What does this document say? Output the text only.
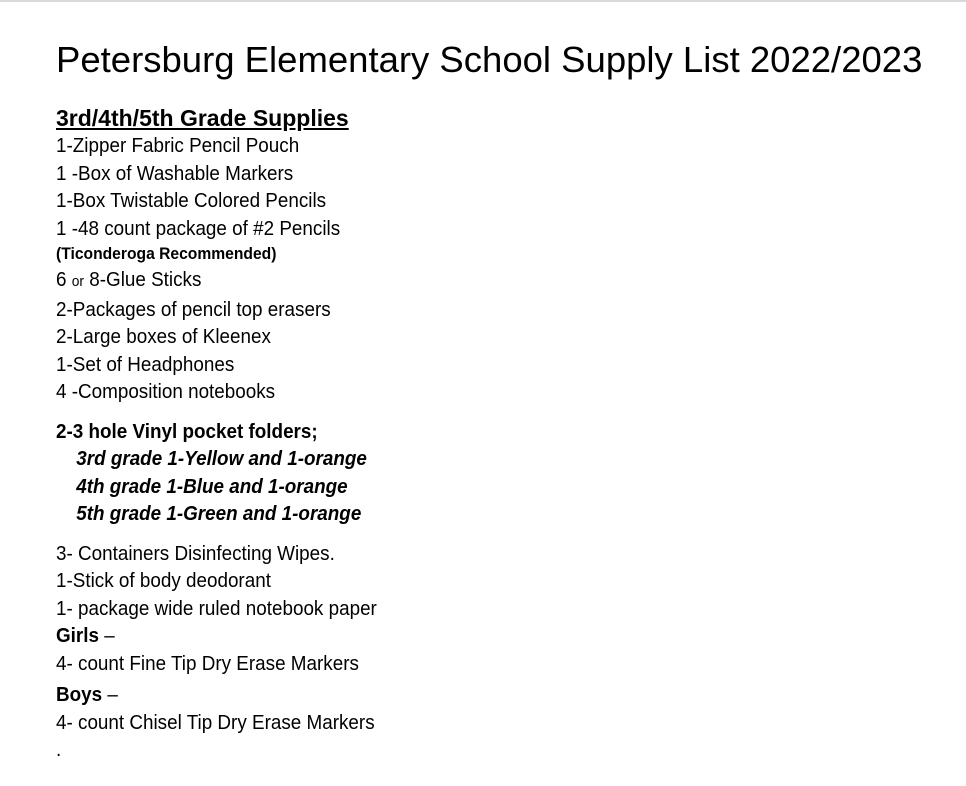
Petersburg Elementary School Supply List 2022/2023
3rd/4th/5th Grade Supplies
1-Zipper Fabric Pencil Pouch
1 -Box of Washable Markers
1-Box Twistable Colored Pencils
1 -48 count package of #2 Pencils
(Ticonderoga Recommended)
6 or 8-Glue Sticks
2-Packages of pencil top erasers
2-Large boxes of Kleenex
1-Set of Headphones
4 -Composition notebooks
2-3 hole Vinyl pocket folders;
3rd grade 1-Yellow and 1-orange
4th grade 1-Blue and 1-orange
5th grade 1-Green and 1-orange
3- Containers Disinfecting Wipes.
1-Stick of body deodorant
1- package wide ruled notebook paper
Girls –
4- count Fine Tip Dry Erase Markers
Boys –
4- count Chisel Tip Dry Erase Markers
.
